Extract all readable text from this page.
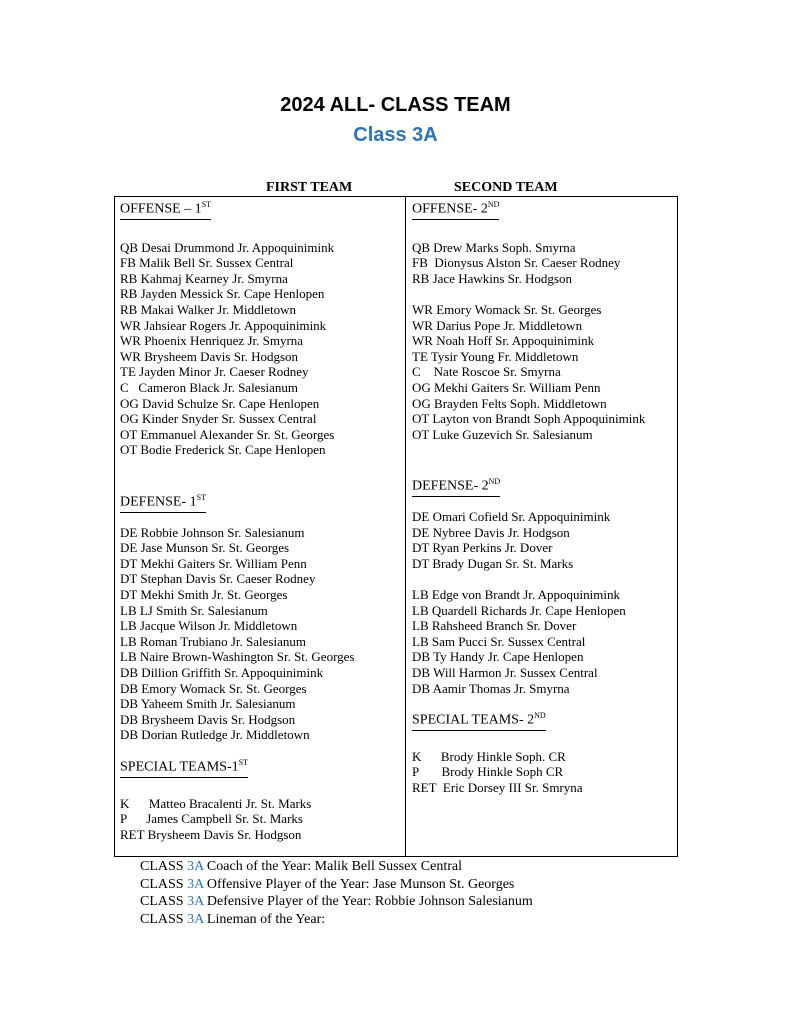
2024 ALL- CLASS TEAM
Class 3A
FIRST TEAM	SECOND TEAM
OFFENSE – 1ST
QB Desai Drummond Jr. Appoquinimink
FB Malik Bell Sr. Sussex Central
RB Kahmaj Kearney Jr. Smyrna
RB Jayden Messick Sr. Cape Henlopen
RB Makai Walker Jr. Middletown
WR Jahsiear Rogers Jr. Appoquinimink
WR Phoenix Henriquez Jr. Smyrna
WR Brysheem Davis Sr. Hodgson
TE Jayden Minor Jr. Caeser Rodney
C   Cameron Black Jr. Salesianum
OG David Schulze Sr. Cape Henlopen
OG Kinder Snyder Sr. Sussex Central
OT Emmanuel Alexander Sr. St. Georges
OT Bodie Frederick Sr. Cape Henlopen
DEFENSE- 1ST
DE Robbie Johnson Sr. Salesianum
DE Jase Munson Sr. St. Georges
DT Mekhi Gaiters Sr. William Penn
DT Stephan Davis Sr. Caeser Rodney
DT Mekhi Smith Jr. St. Georges
LB LJ Smith Sr. Salesianum
LB Jacque Wilson Jr. Middletown
LB Roman Trubiano Jr. Salesianum
LB Naire Brown-Washington Sr. St. Georges
DB Dillion Griffith Sr. Appoquinimink
DB Emory Womack Sr. St. Georges
DB Yaheem Smith Jr. Salesianum
DB Brysheem Davis Sr. Hodgson
DB Dorian Rutledge Jr. Middletown
SPECIAL TEAMS-1ST
K      Matteo Bracalenti Jr. St. Marks
P      James Campbell Sr. St. Marks
RET Brysheem Davis Sr. Hodgson
OFFENSE- 2ND
QB Drew Marks Soph. Smyrna
FB  Dionysus Alston Sr. Caeser Rodney
RB Jace Hawkins Sr. Hodgson
WR Emory Womack Sr. St. Georges
WR Darius Pope Jr. Middletown
WR Noah Hoff Sr. Appoquinimink
TE Tysir Young Fr. Middletown
C    Nate Roscoe Sr. Smyrna
OG Mekhi Gaiters Sr. William Penn
OG Brayden Felts Soph. Middletown
OT Layton von Brandt Soph Appoquinimink
OT Luke Guzevich Sr. Salesianum
DEFENSE- 2ND
DE Omari Cofield Sr. Appoquinimink
DE Nybree Davis Jr. Hodgson
DT Ryan Perkins Jr. Dover
DT Brady Dugan Sr. St. Marks
LB Edge von Brandt Jr. Appoquinimink
LB Quardell Richards Jr. Cape Henlopen
LB Rahsheed Branch Sr. Dover
LB Sam Pucci Sr. Sussex Central
DB Ty Handy Jr. Cape Henlopen
DB Will Harmon Jr. Sussex Central
DB Aamir Thomas Jr. Smyrna
SPECIAL TEAMS- 2ND
K      Brody Hinkle Soph. CR
P       Brody Hinkle Soph CR
RET  Eric Dorsey III Sr. Smryna
CLASS 3A Coach of the Year: Malik Bell Sussex Central
CLASS 3A Offensive Player of the Year: Jase Munson St. Georges
CLASS 3A Defensive Player of the Year: Robbie Johnson Salesianum
CLASS 3A Lineman of the Year:
